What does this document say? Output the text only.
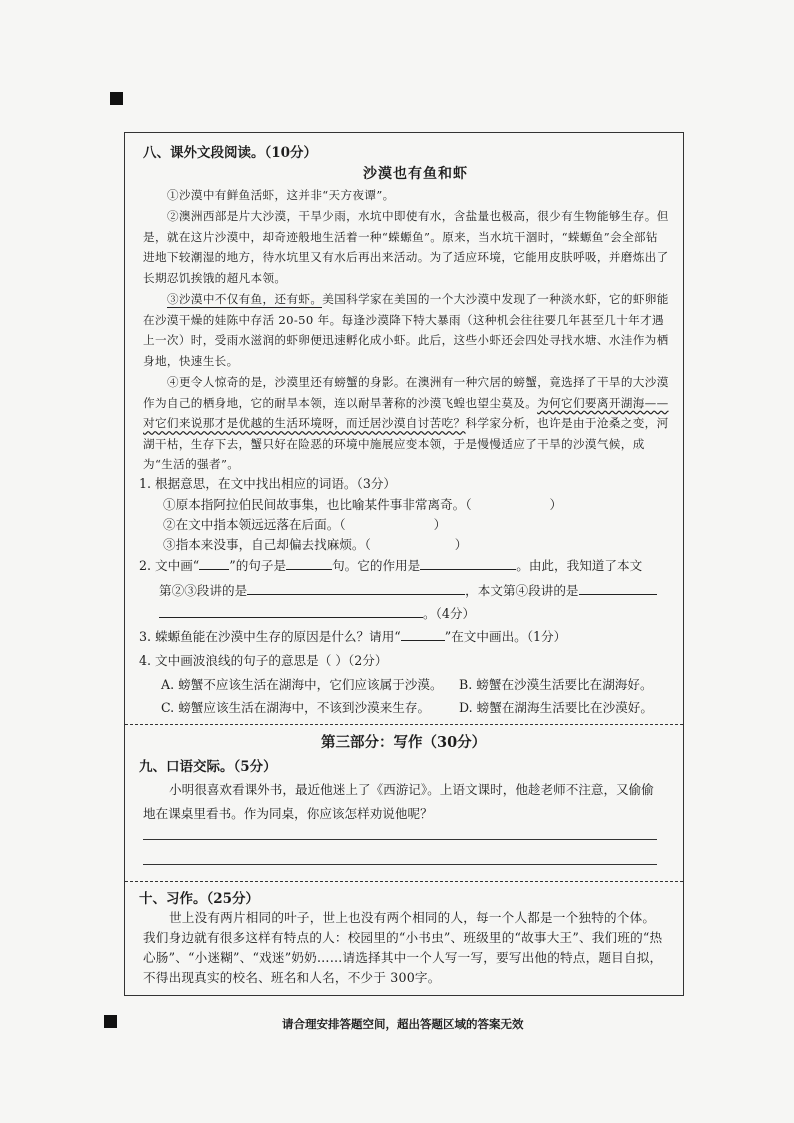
八、课外文段阅读。（10分）
沙漠也有鱼和虾
①沙漠中有鲜鱼活虾，这并非“天方夜谭”。
②澳洲西部是片大沙漠，干旱少雨，水坑中即使有水，含盐量也极高，很少有生物能够生存。但是，就在这片沙漠中，却奇迹般地生活着一种“蝾螈鱼”。原来，当水坑干涸时，“蝾螈鱼”会全部钻进地下较潮湿的地方，待水坑里又有水后再出来活动。为了适应环境，它能用皮肤呼吸，并磨炼出了长期忍饥挨饿的超凡本领。
③沙漠中不仅有鱼，还有虾。美国科学家在美国的一个大沙漠中发现了一种淡水虾，它的虾卵能在沙漠干燥的娃陈中存活 20-50 年。每逢沙漠降下特大暴雨（这种机会往往要几年甚至几十年才遇上一次）时，受雨水滋润的虾卵便迅速孵化成小虾。此后，这些小虾还会四处寻找水塘、水洼作为栖身地，快速生长。
④更令人惊奇的是，沙漠里还有螃蟹的身影。在澳洲有一种穴居的螃蟹，竟选择了干旱的大沙漠作为自己的栖身地，它的耐旱本领，连以耐旱著称的沙漠飞蝗也望尘莫及。为何它们要离开湖海——对它们来说那才是优越的生活环境呀，而迁居沙漠自讨苦吃？科学家分析，也许是由于沧桑之变，河湖干枯，生存下去，蟹只好在险恶的环境中施展应变本领，于是慢慢适应了干旱的沙漠气候，成为“生活的强者”。
1. 根据意思，在文中找出相应的词语。（3分）
①原本指阿拉伯民间故事集，也比喻某件事非常离奇。（	）
②在文中指本领远远落在后面。（	）
③指本来没事，自己却偏去找麻烦。（	）
2. 文中画“ ”的句子是	句。它的作用是	。由此，我知道了本文
第②③段讲的是	，本文第④段讲的是
。（4分）
3. 蝾螈鱼能在沙漠中生存的原因是什么？请用“	”在文中画出。（1分）
4. 文中画波浪线的句子的意思是（ ）（2分）
A. 螃蟹不应该生活在湖海中，它们应该属于沙漠。 B. 螃蟹在沙漠生活要比在湖海好。
C. 螃蟹应该生活在湖海中，不该到沙漠来生存。 D. 螃蟹在湖海生活要比在沙漠好。
第三部分：写作（30分）
九、口语交际。（5分）
小明很喜欢看课外书，最近他迷上了《西游记》。上语文课时，他趁老师不注意，又偷偷地在课桌里看书。作为同桌，你应该怎样劝说他呢？
十、习作。（25分）
世上没有两片相同的叶子，世上也没有两个相同的人，每一个人都是一个独特的个体。我们身边就有很多这样有特点的人：校园里的“小书虫”、班级里的“故事大王”、我们班的“热心肠”、“小迷糊”、“戏迷”奶奶……请选择其中一个人写一写，要写出他的特点，题目自拟，不得出现真实的校名、班名和人名，不少于 300字。
请合理安排答题空间，超出答题区域的答案无效
